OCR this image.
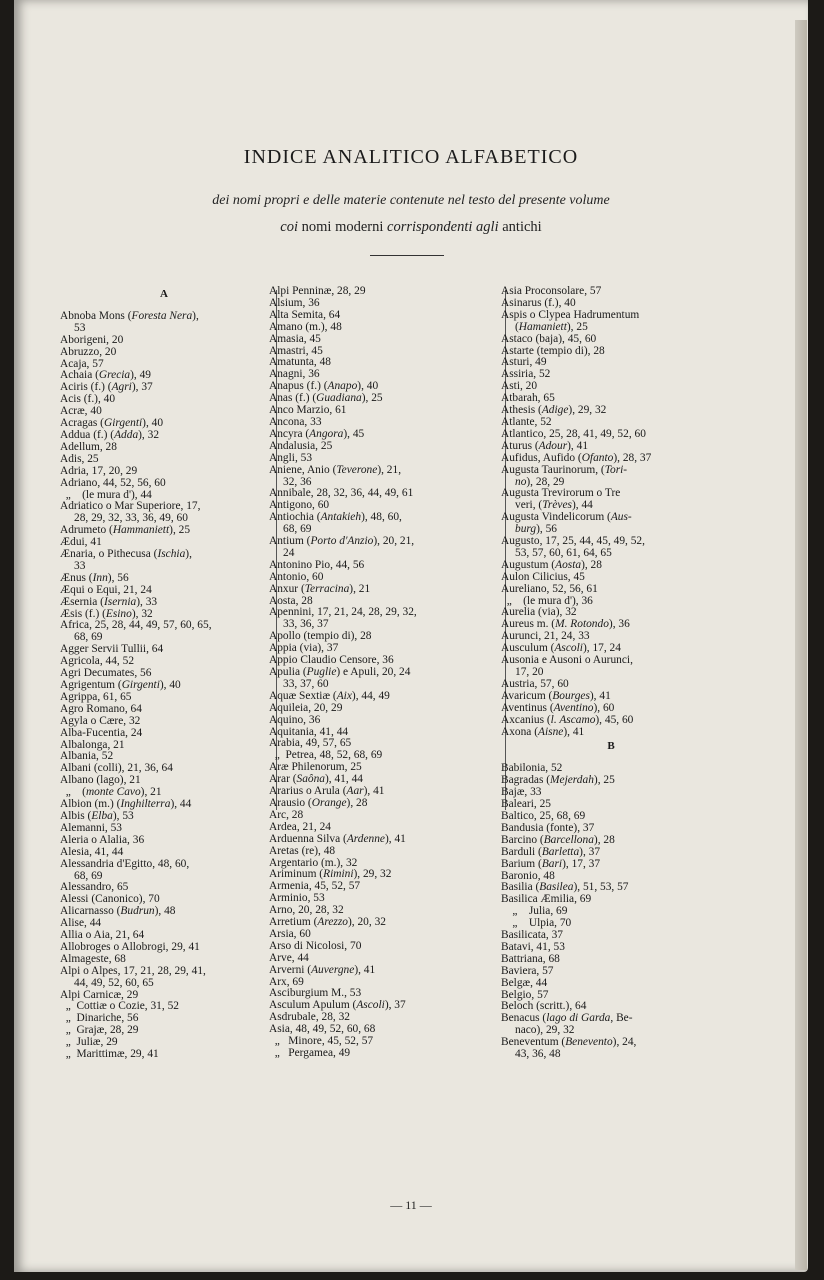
INDICE ANALITICO ALFABETICO
dei nomi propri e delle materie contenute nel testo del presente volume
coi nomi moderni corrispondenti agli antichi
A
Abnoba Mons (Foresta Nera),
53
Aborigeni, 20
Abruzzo, 20
Acaja, 57
Achaia (Grecia), 49
Aciris (f.) (Agri), 37
Acis (f.), 40
Acræ, 40
Acragas (Girgenti), 40
Addua (f.) (Adda), 32
Adellum, 28
Adis, 25
Adria, 17, 20, 29
Adriano, 44, 52, 56, 60
„    (le mura d'), 44
Adriatico o Mar Superiore, 17,
28, 29, 32, 33, 36, 49, 60
Adrumeto (Hammaniett), 25
Ædui, 41
Ænaria, o Pithecusa (Ischia),
33
Ænus (Inn), 56
Æqui o Equi, 21, 24
Æsernia (Isernia), 33
Æsis (f.) (Esino), 32
Africa, 25, 28, 44, 49, 57, 60, 65,
68, 69
Agger Servii Tullii, 64
Agricola, 44, 52
Agri Decumates, 56
Agrigentum (Girgenti), 40
Agrippa, 61, 65
Agro Romano, 64
Agyla o Cære, 32
Alba-Fucentia, 24
Albalonga, 21
Albania, 52
Albani (colli), 21, 36, 64
Albano (lago), 21
„    (monte Cavo), 21
Albion (m.) (Inghilterra), 44
Albis (Elba), 53
Alemanni, 53
Aleria o Alalia, 36
Alesia, 41, 44
Alessandria d'Egitto, 48, 60,
68, 69
Alessandro, 65
Alessi (Canonico), 70
Alicarnasso (Budrun), 48
Alise, 44
Allia o Aia, 21, 64
Allobroges o Allobrogi, 29, 41
Almageste, 68
Alpi o Alpes, 17, 21, 28, 29, 41,
44, 49, 52, 60, 65
Alpi Carnicæ, 29
„  Cottiæ o Cozie, 31, 52
„  Dinariche, 56
„  Grajæ, 28, 29
„  Juliæ, 29
„  Marittimæ, 29, 41
Alpi Penninæ, 28, 29
Alsium, 36
Alta Semita, 64
Amano (m.), 48
Amasia, 45
Amastri, 45
Amatunta, 48
Anagni, 36
Anapus (f.) (Anapo), 40
Anas (f.) (Guadiana), 25
Anco Marzio, 61
Ancona, 33
Ancyra (Angora), 45
Andalusia, 25
Angli, 53
Aniene, Anio (Teverone), 21,
32, 36
Annibale, 28, 32, 36, 44, 49, 61
Antigono, 60
Antiochia (Antakieh), 48, 60,
68, 69
Antium (Porto d'Anzio), 20, 21,
24
Antonino Pio, 44, 56
Antonio, 60
Anxur (Terracina), 21
Aosta, 28
Apennini, 17, 21, 24, 28, 29, 32,
33, 36, 37
Apollo (tempio di), 28
Appia (via), 37
Appio Claudio Censore, 36
Apulia (Puglie) e Apuli, 20, 24
33, 37, 60
Aquæ Sextiæ (Aix), 44, 49
Aquileia, 20, 29
Aquino, 36
Aquitania, 41, 44
Arabia, 49, 57, 65
„  Petrea, 48, 52, 68, 69
Aræ Philenorum, 25
Arar (Saôna), 41, 44
Ararius o Arula (Aar), 41
Arausio (Orange), 28
Arc, 28
Ardea, 21, 24
Arduenna Silva (Ardenne), 41
Aretas (re), 48
Argentario (m.), 32
Ariminum (Rimini), 29, 32
Armenia, 45, 52, 57
Arminio, 53
Arno, 20, 28, 32
Arretium (Arezzo), 20, 32
Arsia, 60
Arso di Nicolosi, 70
Arve, 44
Arverni (Auvergne), 41
Arx, 69
Asciburgium M., 53
Asculum Apulum (Ascoli), 37
Asdrubale, 28, 32
Asia, 48, 49, 52, 60, 68
„   Minore, 45, 52, 57
„   Pergamea, 49
Asia Proconsolare, 57
Asinarus (f.), 40
Aspis o Clypea Hadrumentum
(Hamaniett), 25
Astaco (baja), 45, 60
Astarte (tempio di), 28
Asturi, 49
Assiria, 52
Asti, 20
Atbarah, 65
Athesis (Adige), 29, 32
Atlante, 52
Atlantico, 25, 28, 41, 49, 52, 60
Aturus (Adour), 41
Aufidus, Aufido (Ofanto), 28, 37
Augusta Taurinorum, (Tori-
no), 28, 29
Augusta Trevirorum o Tre
veri, (Trèves), 44
Augusta Vindelicorum (Aus-
burg), 56
Augusto, 17, 25, 44, 45, 49, 52,
53, 57, 60, 61, 64, 65
Augustum (Aosta), 28
Aulon Cilicius, 45
Aureliano, 52, 56, 61
„    (le mura d'), 36
Aurelia (via), 32
Aureus m. (M. Rotondo), 36
Aurunci, 21, 24, 33
Ausculum (Ascoli), 17, 24
Ausonia e Ausoni o Aurunci,
17, 20
Austria, 57, 60
Avaricum (Bourges), 41
Aventinus (Aventino), 60
Axcanius (l. Ascamo), 45, 60
Axona (Aisne), 41
B
Babilonia, 52
Bagradas (Mejerdah), 25
Bajæ, 33
Baleari, 25
Baltico, 25, 68, 69
Bandusia (fonte), 37
Barcino (Barcellona), 28
Barduli (Barletta), 37
Barium (Bari), 17, 37
Baronio, 48
Basilia (Basilea), 51, 53, 57
Basilica Æmilia, 69
„    Julia, 69
„    Ulpia, 70
Basilicata, 37
Batavi, 41, 53
Battriana, 68
Baviera, 57
Belgæ, 44
Belgio, 57
Beloch (scritt.), 64
Benacus (lago di Garda, Be-
naco), 29, 32
Beneventum (Benevento), 24,
43, 36, 48
— 11 —
